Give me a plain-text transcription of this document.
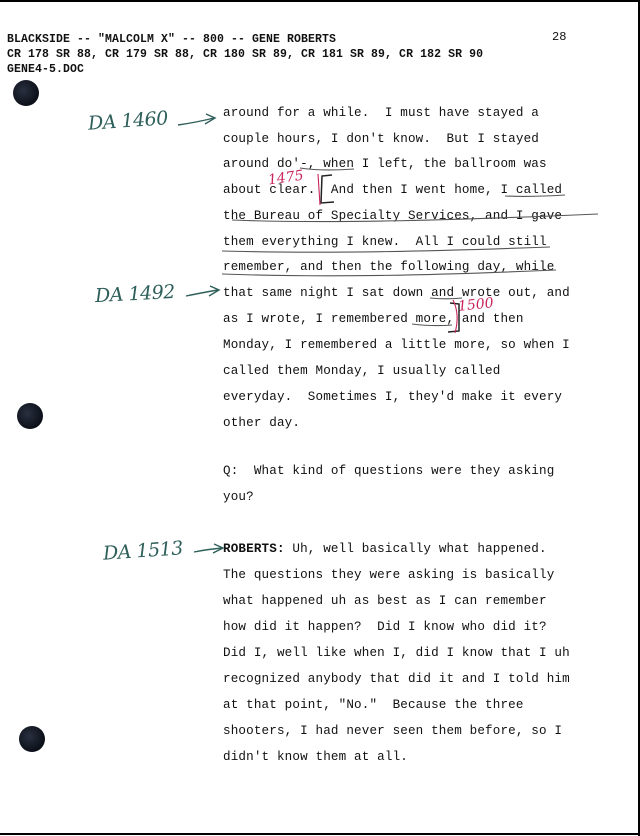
BLACKSIDE -- "MALCOLM X" -- 800 -- GENE ROBERTS
CR 178 SR 88, CR 179 SR 88, CR 180 SR 89, CR 181 SR 89, CR 182 SR 90
GENE4-5.DOC
28
around for a while.  I must have stayed a
couple hours, I don't know.  But I stayed
around do'-, when I left, the ballroom was
about clear.  And then I went home, I called
the Bureau of Specialty Services, and I gave
them everything I knew.  All I could still
remember, and then the following day, while
that same night I sat down and wrote out, and
as I wrote, I remembered more, and then
Monday, I remembered a little more, so when I
called them Monday, I usually called
everyday.  Sometimes I, they'd make it every
other day.
Q:  What kind of questions were they asking
you?
ROBERTS: Uh, well basically what happened.
The questions they were asking is basically
what happened uh as best as I can remember
how did it happen?  Did I know who did it?
Did I, well like when I, did I know that I uh
recognized anybody that did it and I told him
at that point, "No."  Because the three
shooters, I had never seen them before, so I
didn't know them at all.
DA 1460
DA 1492
DA 1513
1475
1500
